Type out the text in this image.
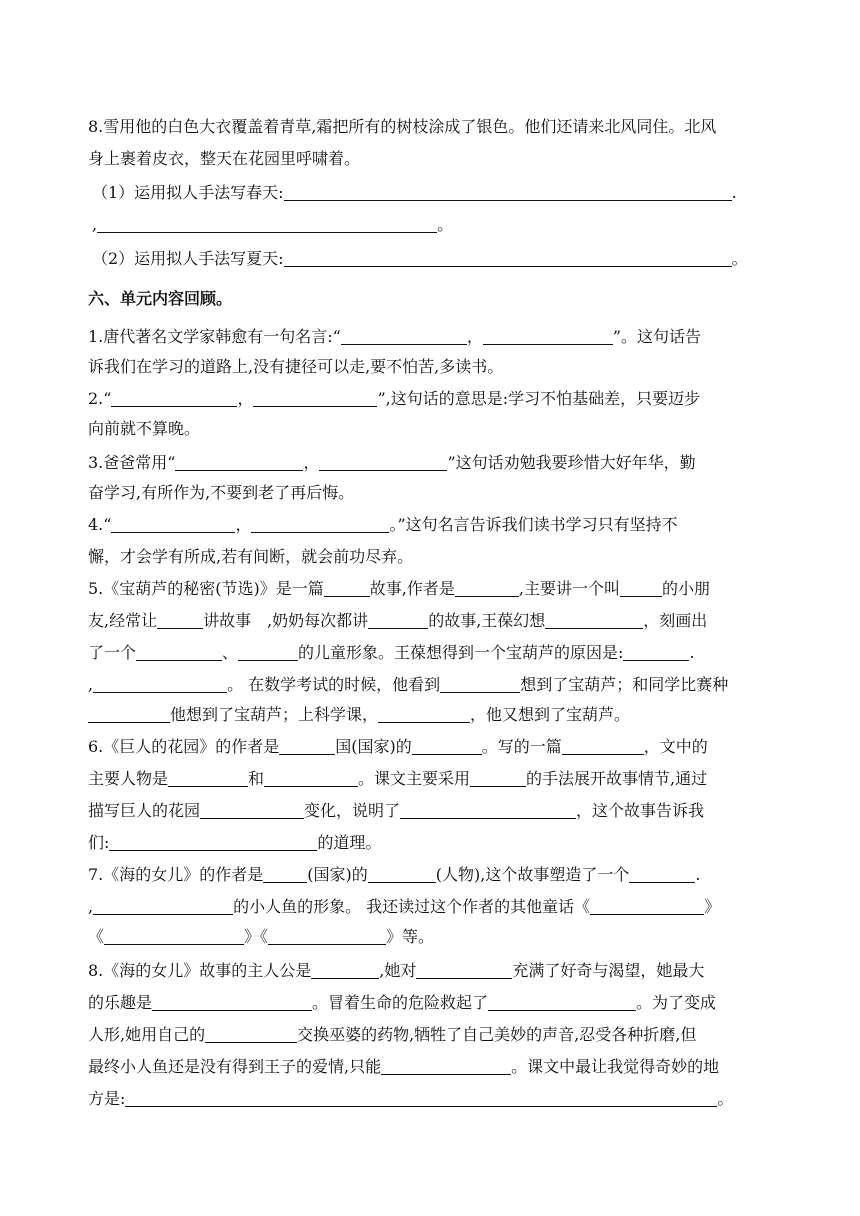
8.雪用他的白色大衣覆盖着青草,霜把所有的树枝涂成了银色。他们还请来北风同住。北风
身上裹着皮衣，整天在花园里呼啸着。
（1）运用拟人手法写春天:	.
,	。
（2）运用拟人手法写夏天:	。
六、单元内容回顾。
1.唐代著名文学家韩愈有一句名言:“	，	”。这句话告
诉我们在学习的道路上,没有捷径可以走,要不怕苦,多读书。
2.“	，	”,这句话的意思是:学习不怕基础差，只要迈步
向前就不算晚。
3.爸爸常用“	，	”这句话劝勉我要珍惜大好年华，勤
奋学习,有所作为,不要到老了再后悔。
4.“	，	。”这句名言告诉我们读书学习只有坚持不
懈，才会学有所成,若有间断，就会前功尽弃。
5.《宝葫芦的秘密(节选)》是一篇	故事,作者是	,主要讲一个叫	的小朋
友,经常让	讲故事　,奶奶每次都讲	的故事,王葆幻想	，刻画出
了一个	、	的儿童形象。王葆想得到一个宝葫芦的原因是:	.
,	。 在数学考试的时候，他看到	想到了宝葫芦；和同学比赛种
他想到了宝葫芦；上科学课，	，他又想到了宝葫芦。
6.《巨人的花园》的作者是	国(国家)的	。写的一篇	，文中的
主要人物是	和	。课文主要采用	的手法展开故事情节,通过
描写巨人的花园	变化，说明了	，这个故事告诉我
们:	的道理。
7.《海的女儿》的作者是	(国家)的	(人物),这个故事塑造了一个	.
,	的小人鱼的形象。 我还读过这个作者的其他童话《	》
《	》《	》等。
8.《海的女儿》故事的主人公是	,她对	充满了好奇与渴望，她最大
的乐趣是	。冒着生命的危险救起了	。为了变成
人形,她用自己的	交换巫婆的药物,牺牲了自己美妙的声音,忍受各种折磨,但
最终小人鱼还是没有得到王子的爱情,只能	。课文中最让我觉得奇妙的地
方是:	。
